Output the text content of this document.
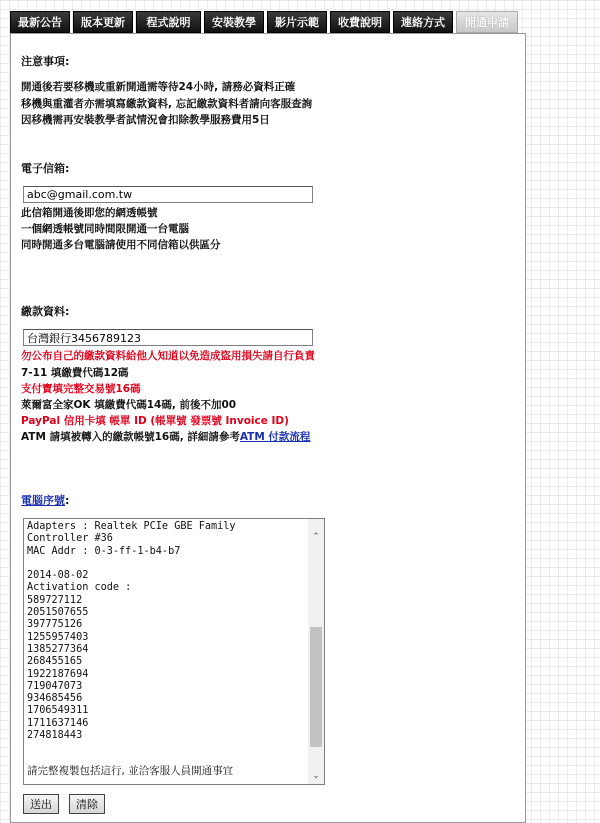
最新公告	版本更新	程式說明	安裝教學	影片示範	收費說明	連絡方式	開通申請
注意事項:
開通後若要移機或重新開通需等待24小時, 請務必資料正確
移機與重灌者亦需填寫繳款資料, 忘記繳款資料者請向客服查詢
因移機需再安裝教學者試情況會扣除教學服務費用5日
電子信箱:
abc@gmail.com.tw
此信箱開通後即您的網透帳號
一個網透帳號同時間限開通一台電腦
同時開通多台電腦請使用不同信箱以供區分
繳款資料:
台灣銀行3456789123
勿公布自己的繳款資料給他人知道以免造成盜用損失請自行負責
7-11 填繳費代碼12碼
支付寶填完整交易號16碼
萊爾富全家OK 填繳費代碼14碼, 前後不加00
PayPal 信用卡填 帳單 ID (帳單號 發票號 Invoice ID)
ATM 請填被轉入的繳款帳號16碼, 詳細請參考ATM 付款流程
電腦序號:
Adapters : Realtek PCIe GBE Family
Controller #36
MAC Addr : 0-3-ff-1-b4-b7

2014-08-02
Activation code :
589727112
2051507655
397775126
1255957403
1385277364
268455165
1922187694
719047073
934685456
1706549311
1711637146
274818443
請完整複製包括這行, 並洽客服人員開通事宜
⌃
⌄
送出	清除
